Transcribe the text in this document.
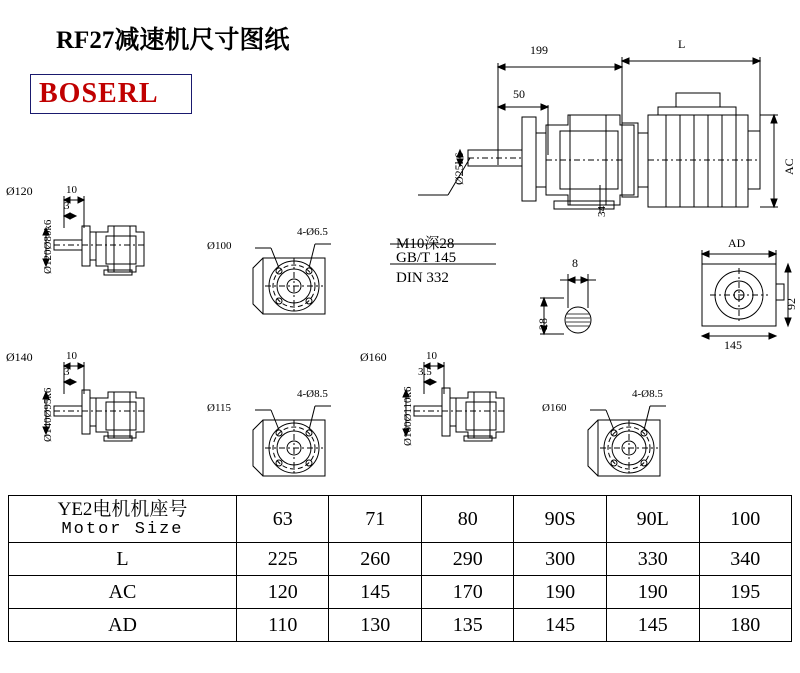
RF27减速机尺寸图纸
BOSERL
199	L
50
Ø25k6
34
AC
M10深28
GB/T 145
DIN 332
8
28
AD
92
145
Ø120	10
3
Ø120Ø80k6	Ø100
4-Ø6.5
Ø140	10
3
Ø140Ø95k6	Ø115
4-Ø8.5
Ø160	10
3.5
Ø160Ø110k6	Ø160
4-Ø8.5
YE2电机机座号
Motor Size	63	71	80	90S	90L	100
L	225	260	290	300	330	340
AC	120	145	170	190	190	195
AD	110	130	135	145	145	180
